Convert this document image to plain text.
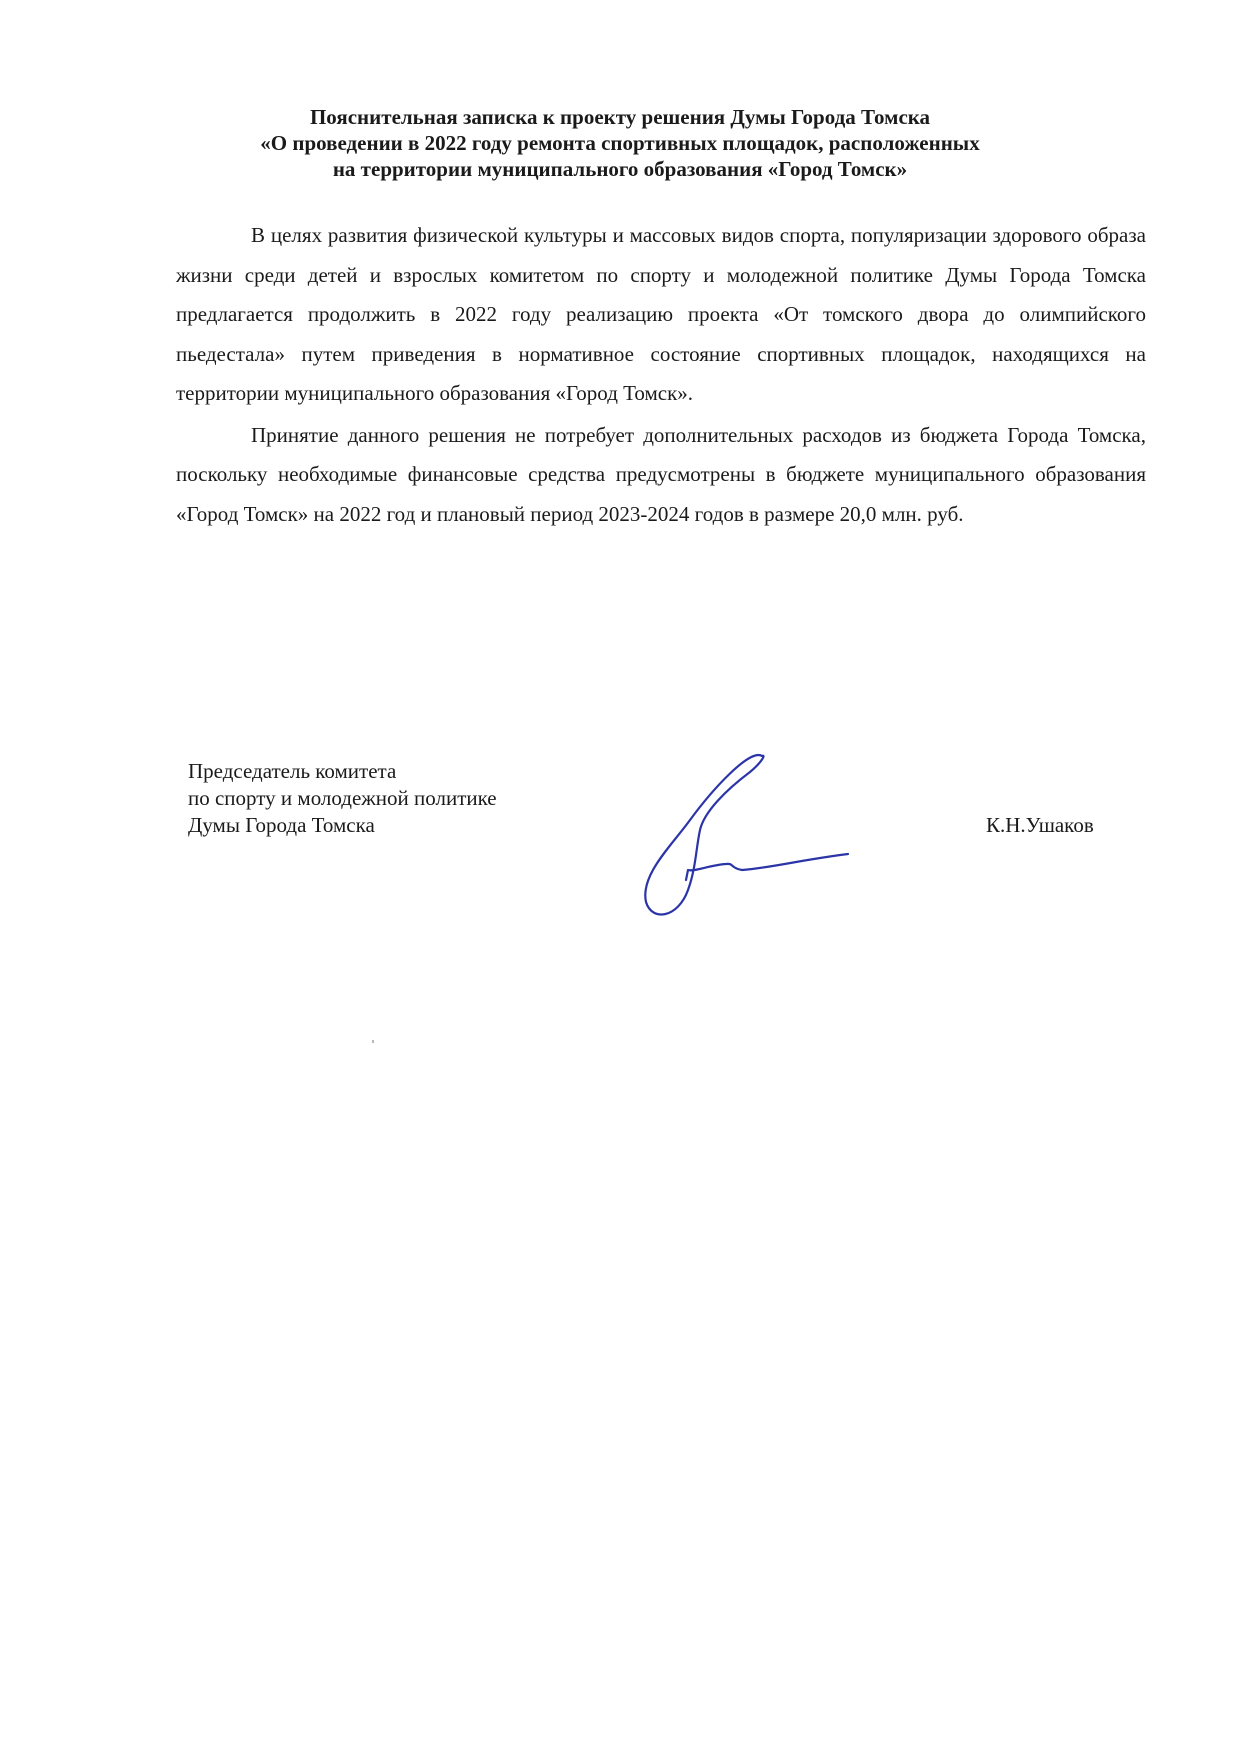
Пояснительная записка к проекту решения Думы Города Томска
«О проведении в 2022 году ремонта спортивных площадок, расположенных
на территории муниципального образования «Город Томск»

В целях развития физической культуры и массовых видов спорта, популяризации здорового образа жизни среди детей и взрослых комитетом по спорту и молодежной политике Думы Города Томска предлагается продолжить в 2022 году реализацию проекта «От томского двора до олимпийского пьедестала» путем приведения в нормативное состояние спортивных площадок, находящихся на территории муниципального образования «Город Томск».

Принятие данного решения не потребует дополнительных расходов из бюджета Города Томска, поскольку необходимые финансовые средства предусмотрены в бюджете муниципального образования «Город Томск» на 2022 год и плановый период 2023-2024 годов в размере 20,0 млн. руб.

Председатель комитета
по спорту и молодежной политике
Думы Города Томска	К.Н.Ушаков
